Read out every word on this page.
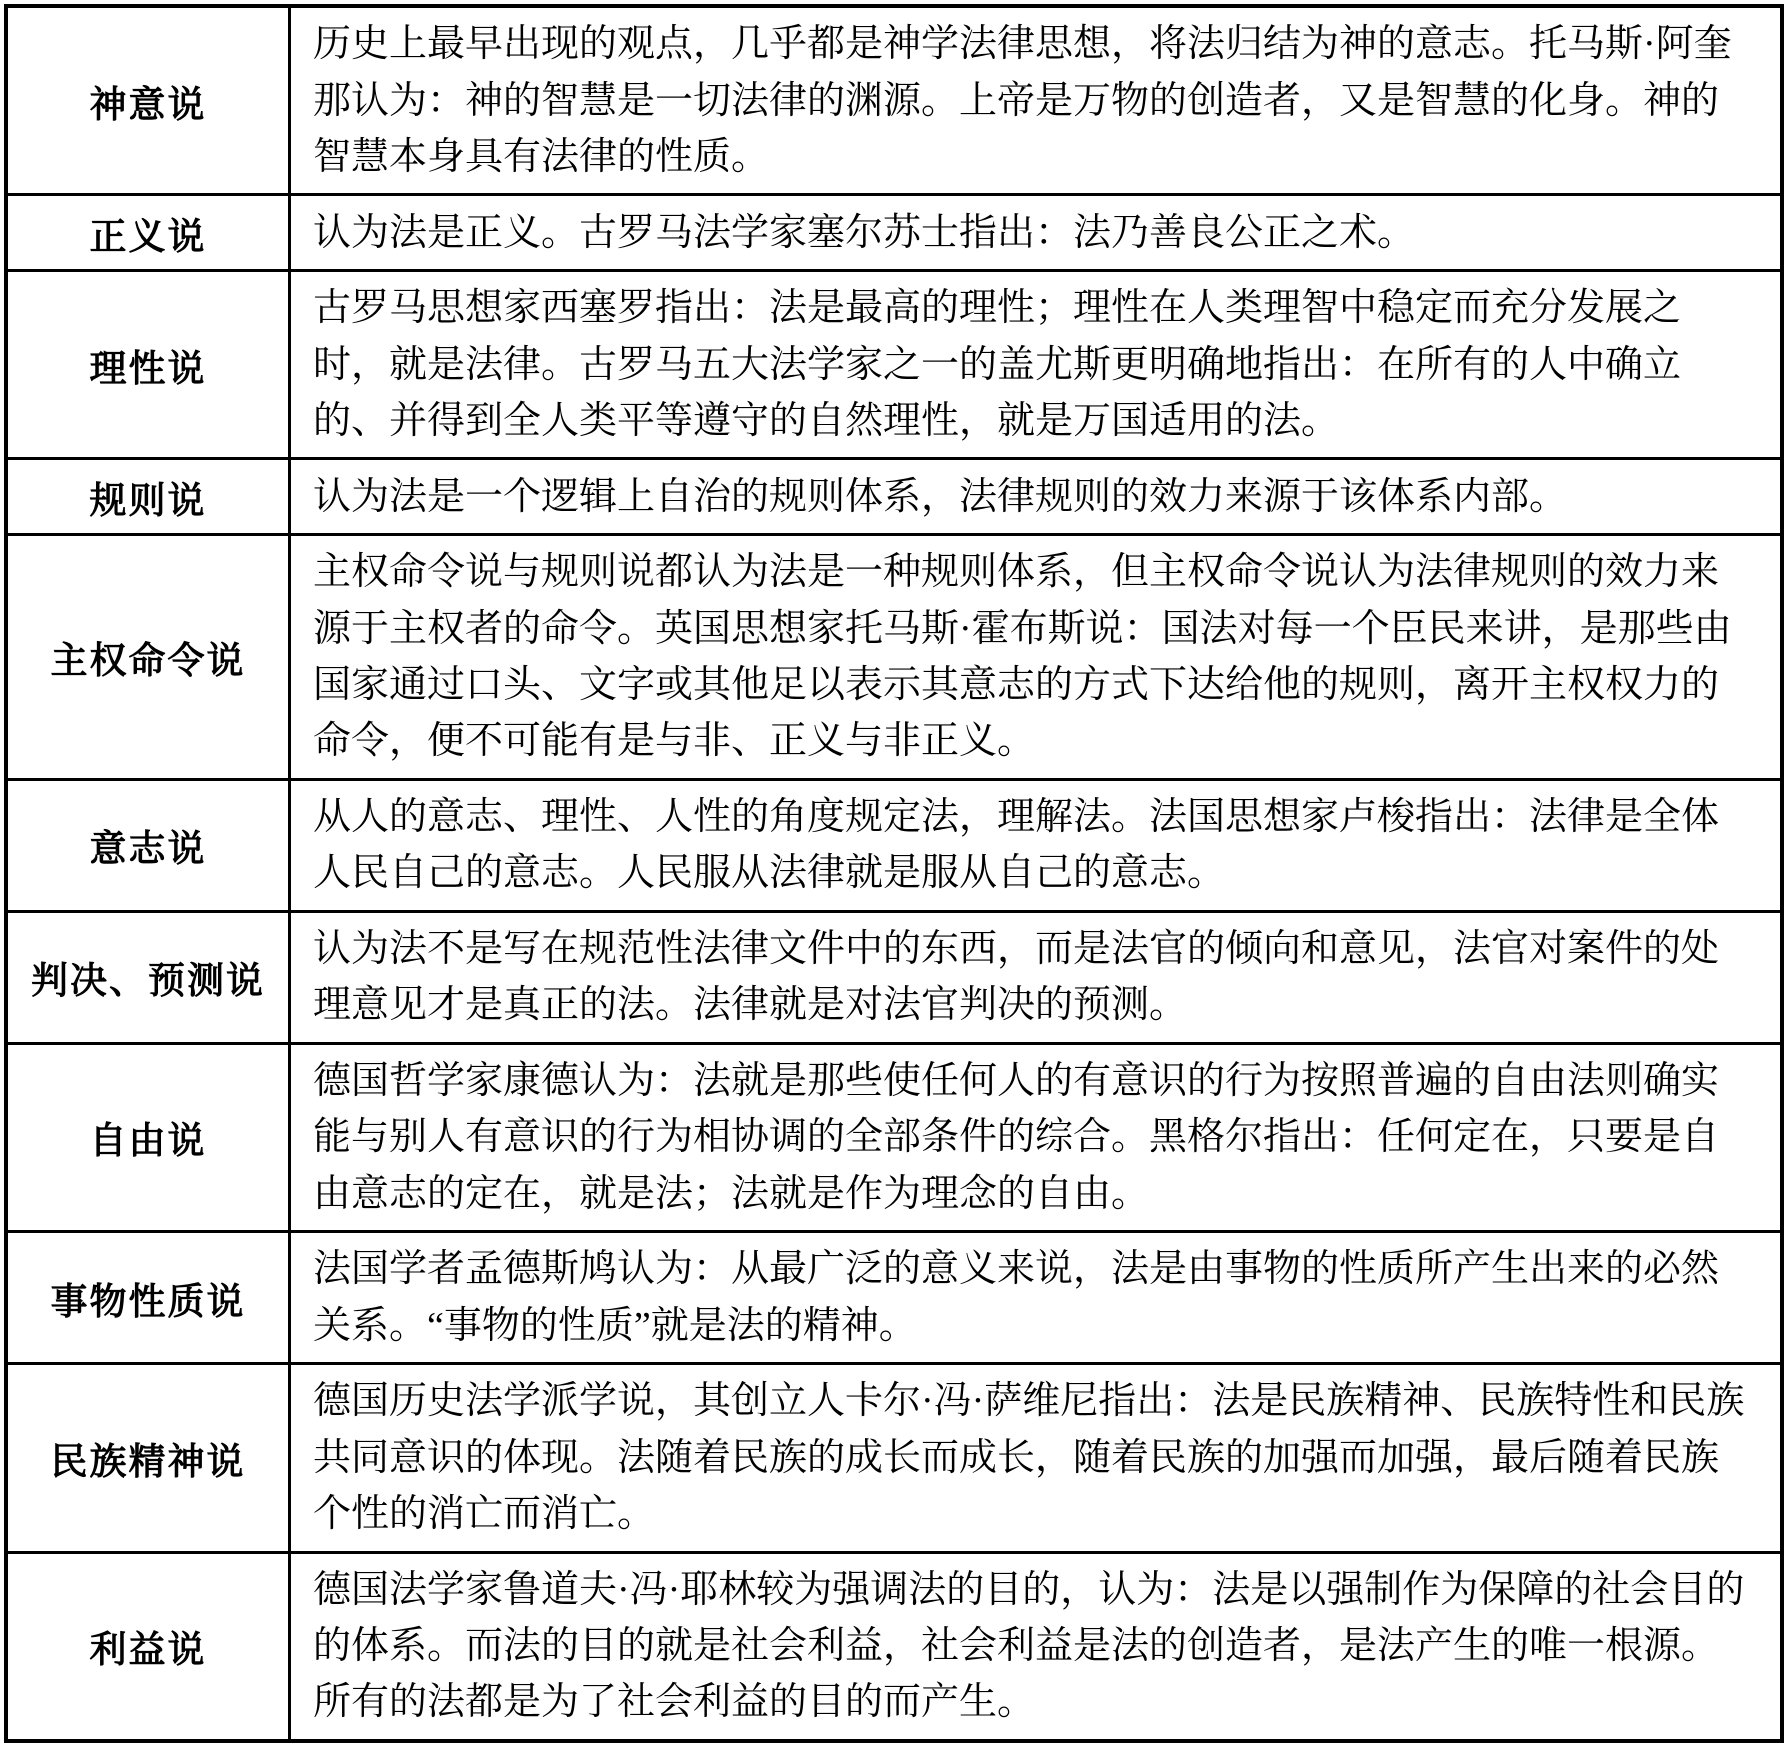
神意说	历史上最早出现的观点，几乎都是神学法律思想，将法归结为神的意志。托马斯·阿奎那认为：神的智慧是一切法律的渊源。上帝是万物的创造者，又是智慧的化身。神的智慧本身具有法律的性质。
正义说	认为法是正义。古罗马法学家塞尔苏士指出：法乃善良公正之术。
理性说	古罗马思想家西塞罗指出：法是最高的理性；理性在人类理智中稳定而充分发展之时，就是法律。古罗马五大法学家之一的盖尤斯更明确地指出：在所有的人中确立的、并得到全人类平等遵守的自然理性，就是万国适用的法。
规则说	认为法是一个逻辑上自治的规则体系，法律规则的效力来源于该体系内部。
主权命令说	主权命令说与规则说都认为法是一种规则体系，但主权命令说认为法律规则的效力来源于主权者的命令。英国思想家托马斯·霍布斯说：国法对每一个臣民来讲，是那些由国家通过口头、文字或其他足以表示其意志的方式下达给他的规则，离开主权权力的命令，便不可能有是与非、正义与非正义。
意志说	从人的意志、理性、人性的角度规定法，理解法。法国思想家卢梭指出：法律是全体人民自己的意志。人民服从法律就是服从自己的意志。
判决、预测说	认为法不是写在规范性法律文件中的东西，而是法官的倾向和意见，法官对案件的处理意见才是真正的法。法律就是对法官判决的预测。
自由说	德国哲学家康德认为：法就是那些使任何人的有意识的行为按照普遍的自由法则确实能与别人有意识的行为相协调的全部条件的综合。黑格尔指出：任何定在，只要是自由意志的定在，就是法；法就是作为理念的自由。
事物性质说	法国学者孟德斯鸠认为：从最广泛的意义来说，法是由事物的性质所产生出来的必然关系。“事物的性质”就是法的精神。
民族精神说	德国历史法学派学说，其创立人卡尔·冯·萨维尼指出：法是民族精神、民族特性和民族共同意识的体现。法随着民族的成长而成长，随着民族的加强而加强，最后随着民族个性的消亡而消亡。
利益说	德国法学家鲁道夫·冯·耶林较为强调法的目的，认为：法是以强制作为保障的社会目的的体系。而法的目的就是社会利益，社会利益是法的创造者，是法产生的唯一根源。所有的法都是为了社会利益的目的而产生。
